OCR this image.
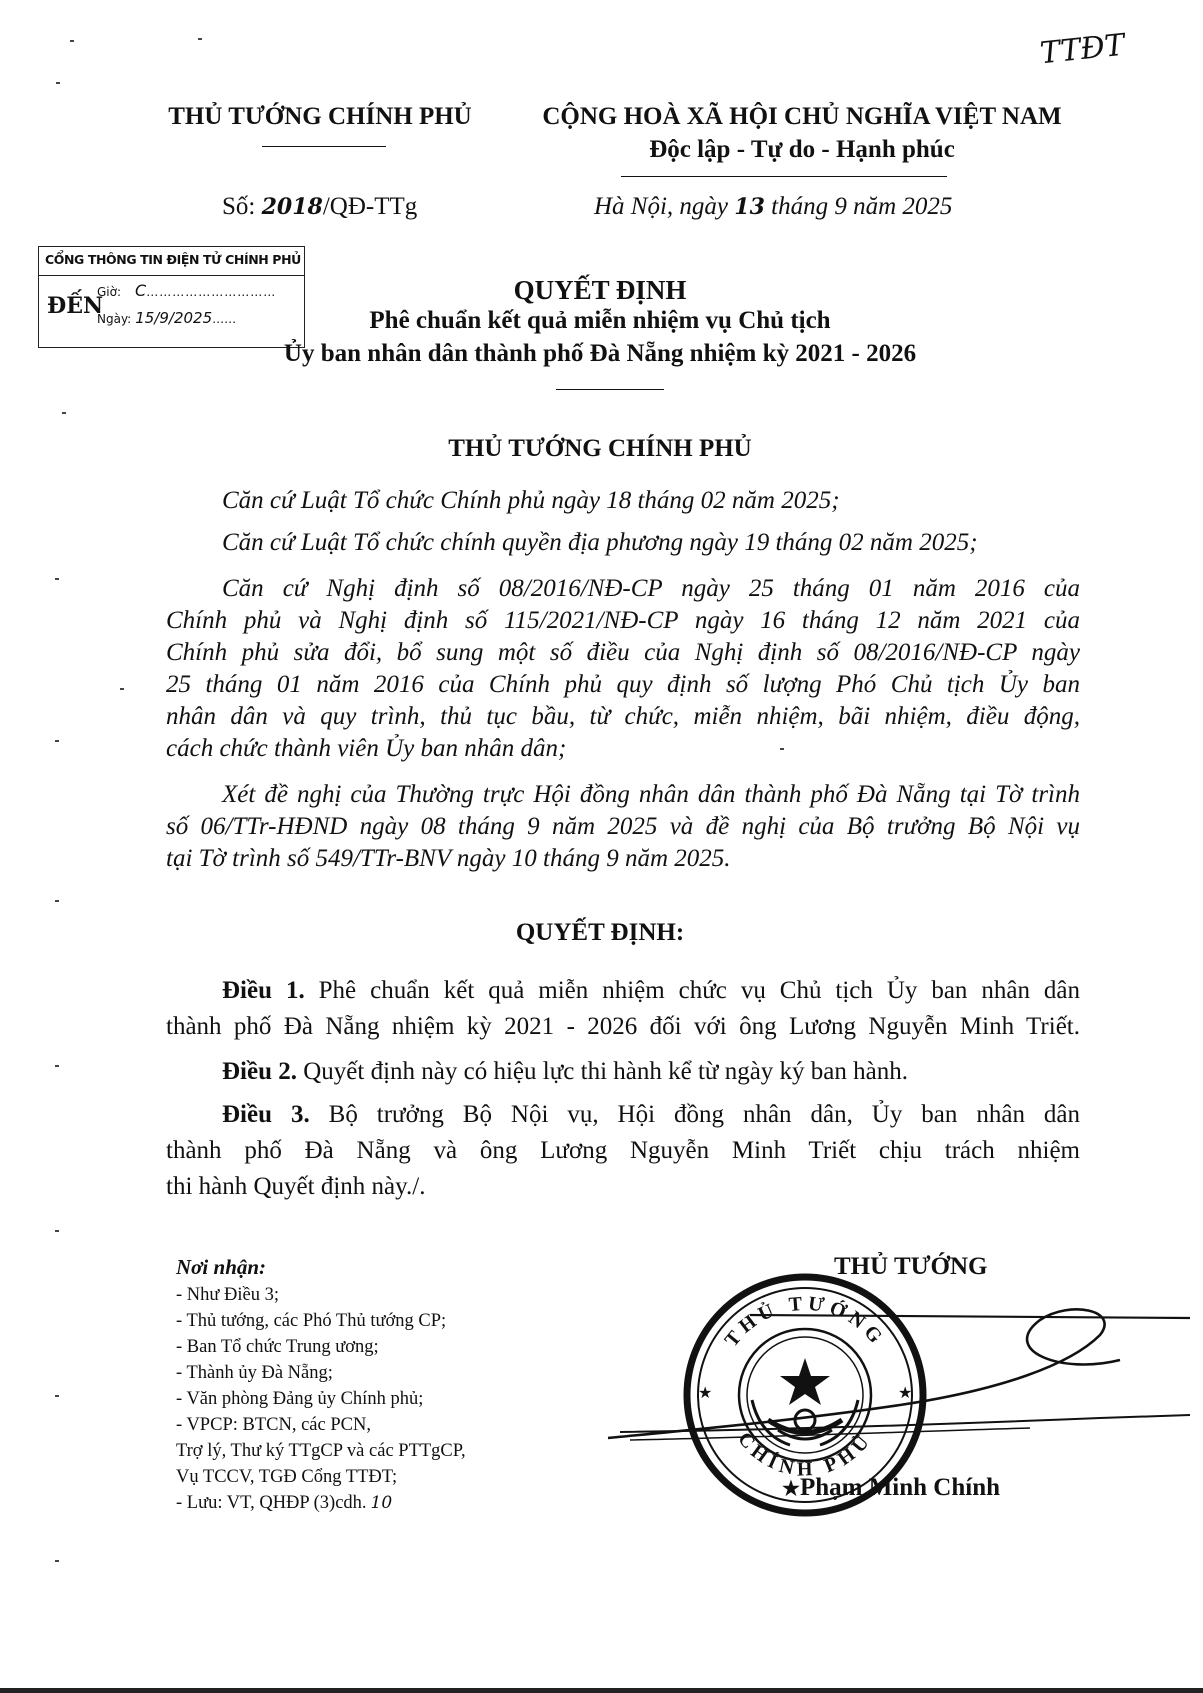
TTĐT
THỦ TƯỚNG CHÍNH PHỦ	CỘNG HOÀ XÃ HỘI CHỦ NGHĨA VIỆT NAM
Độc lập - Tự do - Hạnh phúc
Số: 2018/QĐ-TTg	Hà Nội, ngày 13 tháng 9 năm 2025
CỔNG THÔNG TIN ĐIỆN TỬ CHÍNH PHỦ
ĐẾN
Giờ: C…………………………
Ngày: 15/9/2025……
QUYẾT ĐỊNH
Phê chuẩn kết quả miễn nhiệm vụ Chủ tịch
Ủy ban nhân dân thành phố Đà Nẵng nhiệm kỳ 2021 - 2026
THỦ TƯỚNG CHÍNH PHỦ
Căn cứ Luật Tổ chức Chính phủ ngày 18 tháng 02 năm 2025;
Căn cứ Luật Tổ chức chính quyền địa phương ngày 19 tháng 02 năm 2025;
Căn cứ Nghị định số 08/2016/NĐ-CP ngày 25 tháng 01 năm 2016 của
Chính phủ và Nghị định số 115/2021/NĐ-CP ngày 16 tháng 12 năm 2021 của
Chính phủ sửa đổi, bổ sung một số điều của Nghị định số 08/2016/NĐ-CP ngày
25 tháng 01 năm 2016 của Chính phủ quy định số lượng Phó Chủ tịch Ủy ban
nhân dân và quy trình, thủ tục bầu, từ chức, miễn nhiệm, bãi nhiệm, điều động,
cách chức thành viên Ủy ban nhân dân;
Xét đề nghị của Thường trực Hội đồng nhân dân thành phố Đà Nẵng tại Tờ trình
số 06/TTr-HĐND ngày 08 tháng 9 năm 2025 và đề nghị của Bộ trưởng Bộ Nội vụ
tại Tờ trình số 549/TTr-BNV ngày 10 tháng 9 năm 2025.
QUYẾT ĐỊNH:
Điều 1. Phê chuẩn kết quả miễn nhiệm chức vụ Chủ tịch Ủy ban nhân dân
thành phố Đà Nẵng nhiệm kỳ 2021 - 2026 đối với ông Lương Nguyễn Minh Triết.
Điều 2. Quyết định này có hiệu lực thi hành kể từ ngày ký ban hành.
Điều 3. Bộ trưởng Bộ Nội vụ, Hội đồng nhân dân, Ủy ban nhân dân
thành phố Đà Nẵng và ông Lương Nguyễn Minh Triết chịu trách nhiệm
thi hành Quyết định này./.
Nơi nhận:
- Như Điều 3;
- Thủ tướng, các Phó Thủ tướng CP;
- Ban Tổ chức Trung ương;
- Thành ủy Đà Nẵng;
- Văn phòng Đảng ủy Chính phủ;
- VPCP: BTCN, các PCN,
Trợ lý, Thư ký TTgCP và các PTTgCP,
Vụ TCCV, TGĐ Cổng TTĐT;
- Lưu: VT, QHĐP (3)cdh. 10
THỦ TƯỚNG
THỦ TƯỚNG
CHÍNH PHỦ
★	★
★Phạm Minh Chính
